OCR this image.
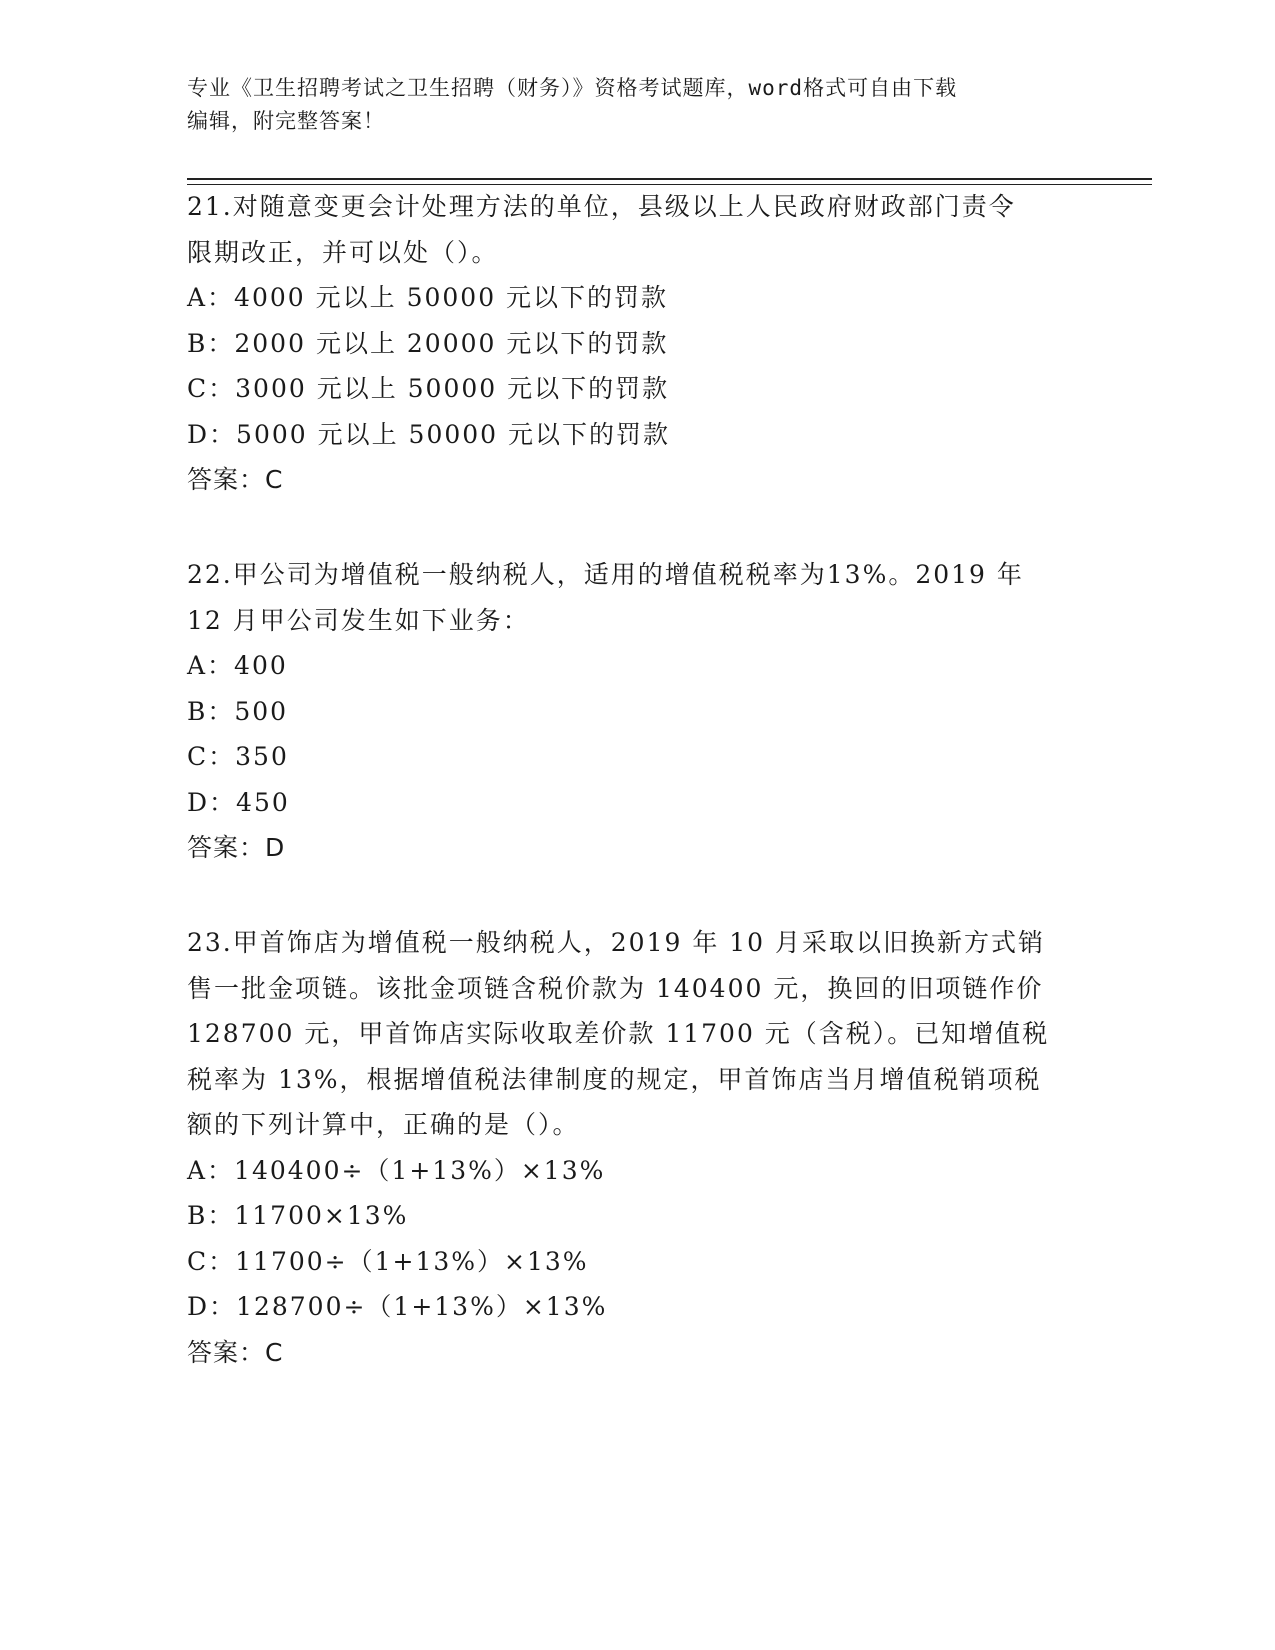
专业《卫生招聘考试之卫生招聘（财务）》资格考试题库，word格式可自由下载
编辑，附完整答案！

21.对随意变更会计处理方法的单位，县级以上人民政府财政部门责令

限期改正，并可以处（）。

A：4000 元以上 50000 元以下的罚款

B：2000 元以上 20000 元以下的罚款

C：3000 元以上 50000 元以下的罚款

D：5000 元以上 50000 元以下的罚款

答案：C

22.甲公司为增值税一般纳税人，适用的增值税税率为13%。2019 年

12 月甲公司发生如下业务：

A：400

B：500

C：350

D：450

答案：D

23.甲首饰店为增值税一般纳税人，2019 年 10 月采取以旧换新方式销

售一批金项链。该批金项链含税价款为 140400 元，换回的旧项链作价

128700 元，甲首饰店实际收取差价款 11700 元（含税）。已知增值税

税率为 13%，根据增值税法律制度的规定，甲首饰店当月增值税销项税

额的下列计算中，正确的是（）。

A：140400÷（1+13%）×13%

B：11700×13%

C：11700÷（1+13%）×13%

D：128700÷（1+13%）×13%

答案：C
